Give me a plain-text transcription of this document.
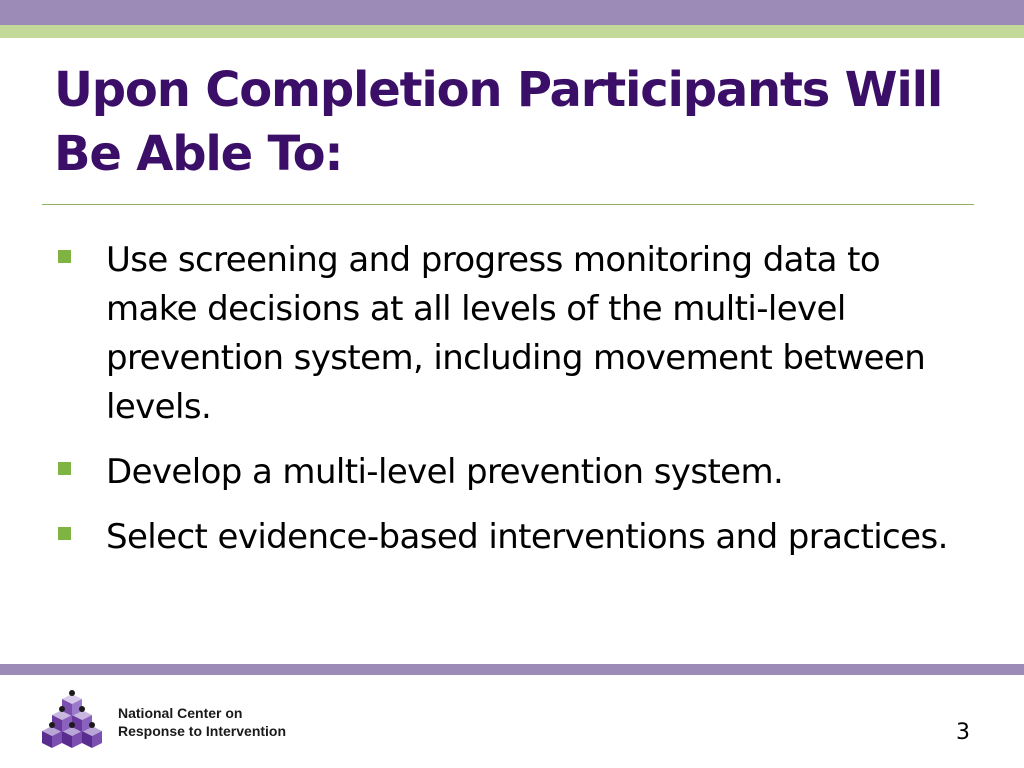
Upon Completion Participants Will
Be Able To:
Use screening and progress monitoring data to make decisions at all levels of the multi-level prevention system, including movement between levels.
Develop a multi-level prevention system.
Select evidence-based interventions and practices.
National Center on
Response to Intervention	3
